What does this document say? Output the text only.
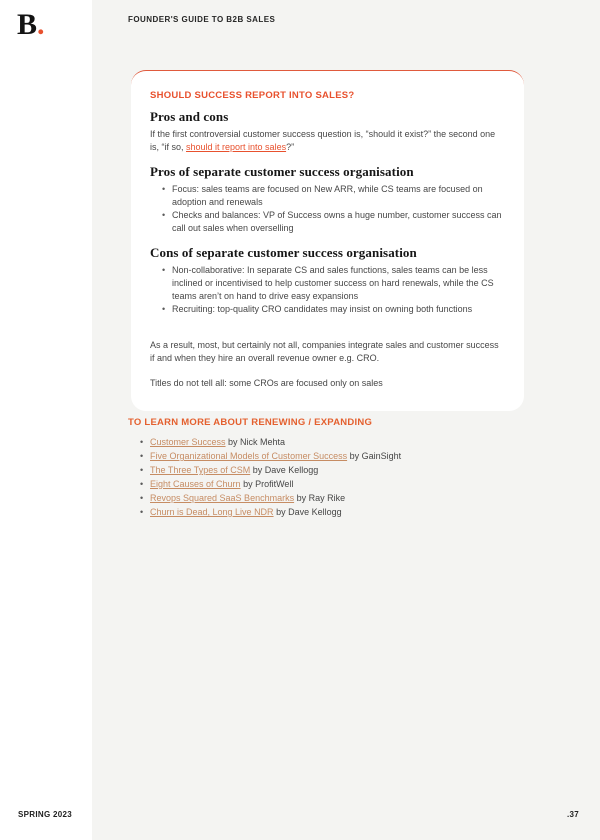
B.	FOUNDER'S GUIDE TO B2B SALES
SHOULD SUCCESS REPORT INTO SALES?
Pros and cons

If the first controversial customer success question is, “should it exist?” the second one is, “if so, should it report into sales?”

Pros of separate customer success organisation
• Focus: sales teams are focused on New ARR, while CS teams are focused on adoption and renewals
• Checks and balances: VP of Success owns a huge number, customer success can call out sales when overselling
Cons of separate customer success organisation
• Non-collaborative: In separate CS and sales functions, sales teams can be less inclined or incentivised to help customer success on hard renewals, while the CS teams aren’t on hand to drive easy expansions
• Recruiting: top-quality CRO candidates may insist on owning both functions

As a result, most, but certainly not all, companies integrate sales and customer success if and when they hire an overall revenue owner e.g. CRO.

Titles do not tell all: some CROs are focused only on sales

TO LEARN MORE ABOUT RENEWING / EXPANDING
• Customer Success by Nick Mehta
• Five Organizational Models of Customer Success by GainSight
• The Three Types of CSM by Dave Kellogg
• Eight Causes of Churn by ProfitWell
• Revops Squared SaaS Benchmarks by Ray Rike
• Churn is Dead, Long Live NDR by Dave Kellogg
SPRING 2023	.37
